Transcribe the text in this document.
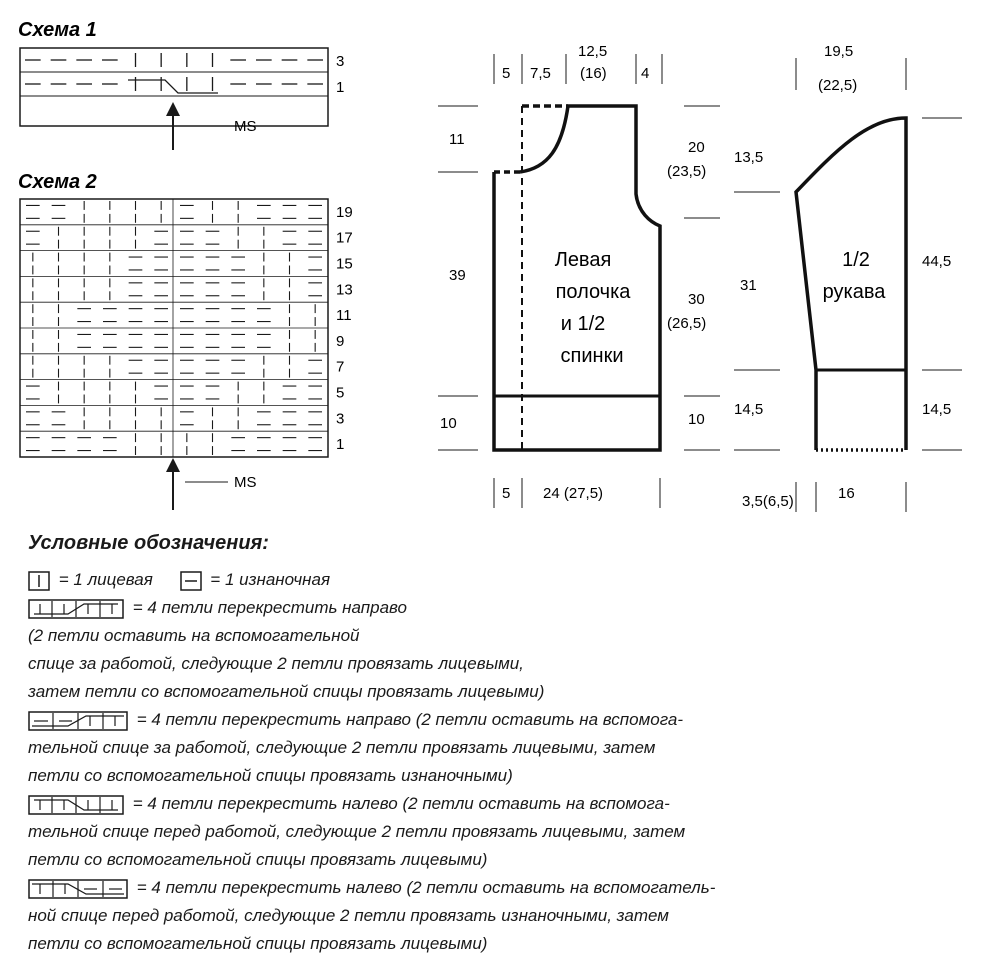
Схема 1
3
1
MS
Схема 2
19
17
15
13
11
9
7
5
3
1
MS
Левая
полочка
и 1/2
спинки
5 7,5
12,5
(16) 4
11
39
10
20
(23,5)
30
(26,5)
10
5 24 (27,5)
1/2
рукава
19,5
(22,5)
13,5
31
14,5
44,5
14,5
3,5(6,5)	16
Условные обозначения:
= 1 лицевая	= 1 изнаночная
= 4 петли перекрестить направо
(2 петли оставить на вспомогательной
спице за работой, следующие 2 петли провязать лицевыми,
затем петли со вспомогательной спицы провязать лицевыми)
= 4 петли перекрестить направо (2 петли оставить на вспомога-
тельной спице за работой, следующие 2 петли провязать лицевыми, затем
петли со вспомогательной спицы провязать изнаночными)
= 4 петли перекрестить налево (2 петли оставить на вспомога-
тельной спице перед работой, следующие 2 петли провязать лицевыми, затем
петли со вспомогательной спицы провязать лицевыми)
= 4 петли перекрестить налево (2 петли оставить на вспомогатель-
ной спице перед работой, следующие 2 петли провязать изнаночными, затем
петли со вспомогательной спицы провязать лицевыми)
